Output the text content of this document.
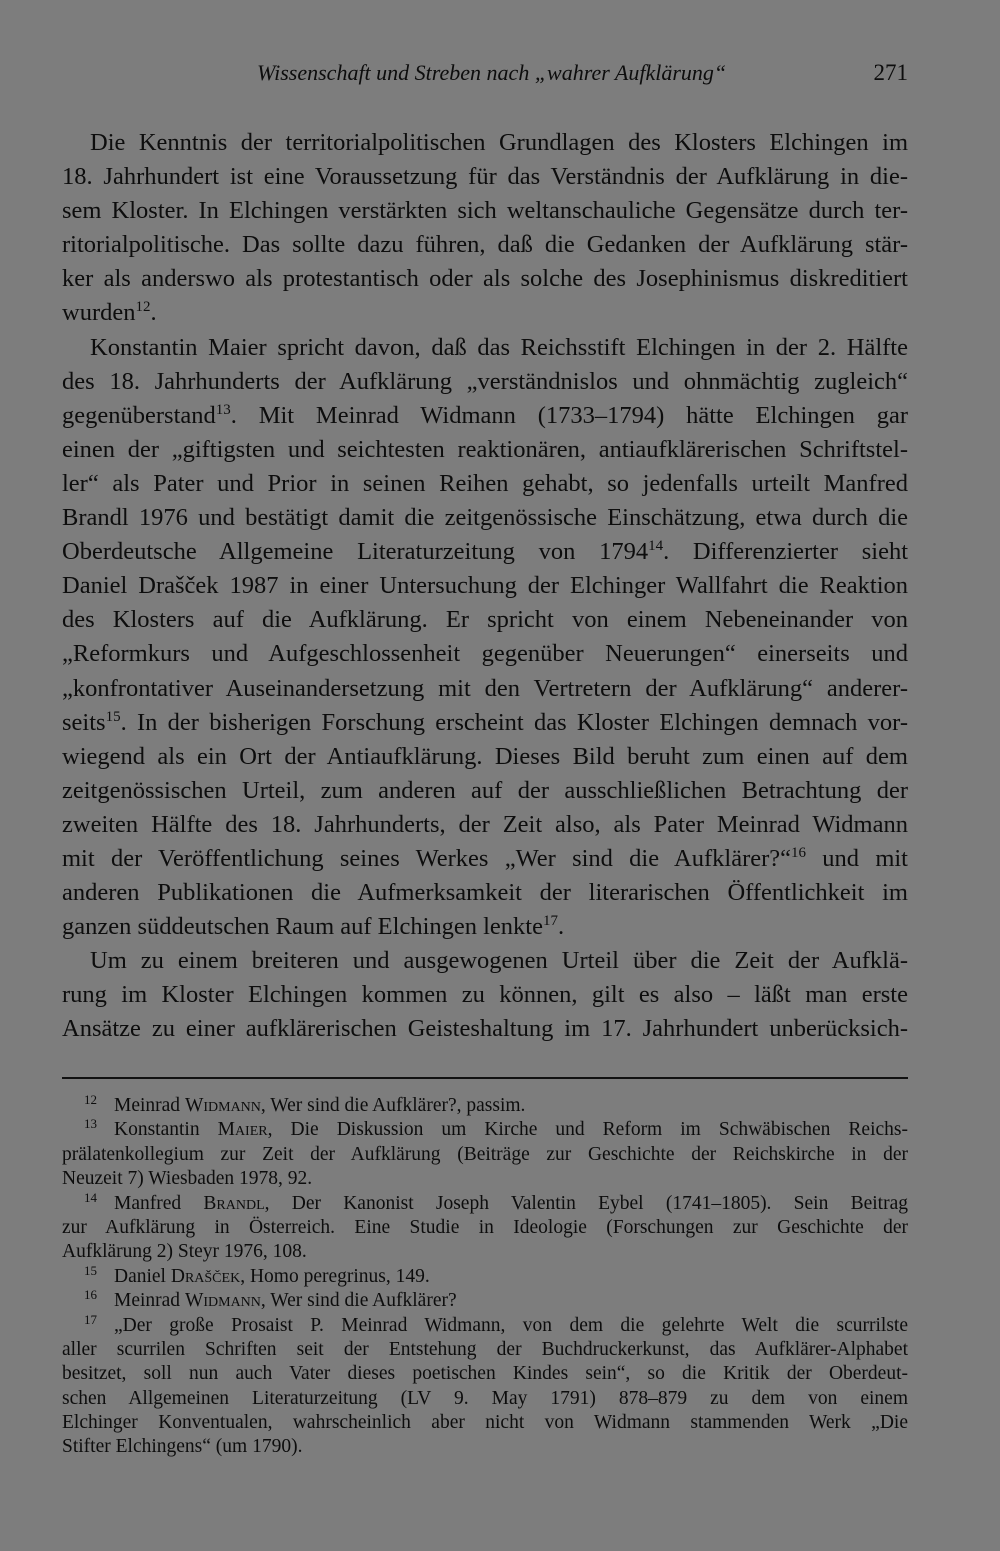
Wissenschaft und Streben nach „wahrer Aufklärung“	271
Die Kenntnis der territorialpolitischen Grundlagen des Klosters Elchingen im
18. Jahrhundert ist eine Voraussetzung für das Verständnis der Aufklärung in die-
sem Kloster. In Elchingen verstärkten sich weltanschauliche Gegensätze durch ter-
ritorialpolitische. Das sollte dazu führen, daß die Gedanken der Aufklärung stär-
ker als anderswo als protestantisch oder als solche des Josephinismus diskreditiert
wurden$^{12}$.
Konstantin Maier spricht davon, daß das Reichsstift Elchingen in der 2. Hälfte
des 18. Jahrhunderts der Aufklärung „verständnislos und ohnmächtig zugleich“
gegenüberstand$^{13}$. Mit Meinrad Widmann (1733–1794) hätte Elchingen gar
einen der „giftigsten und seichtesten reaktionären, antiaufklärerischen Schriftstel-
ler“ als Pater und Prior in seinen Reihen gehabt, so jedenfalls urteilt Manfred
Brandl 1976 und bestätigt damit die zeitgenössische Einschätzung, etwa durch die
Oberdeutsche Allgemeine Literaturzeitung von 1794$^{14}$. Differenzierter sieht
Daniel Drašček 1987 in einer Untersuchung der Elchinger Wallfahrt die Reaktion
des Klosters auf die Aufklärung. Er spricht von einem Nebeneinander von
„Reformkurs und Aufgeschlossenheit gegenüber Neuerungen“ einerseits und
„konfrontativer Auseinandersetzung mit den Vertretern der Aufklärung“ anderer-
seits$^{15}$. In der bisherigen Forschung erscheint das Kloster Elchingen demnach vor-
wiegend als ein Ort der Antiaufklärung. Dieses Bild beruht zum einen auf dem
zeitgenössischen Urteil, zum anderen auf der ausschließlichen Betrachtung der
zweiten Hälfte des 18. Jahrhunderts, der Zeit also, als Pater Meinrad Widmann
mit der Veröffentlichung seines Werkes „Wer sind die Aufklärer?“$^{16}$ und mit
anderen Publikationen die Aufmerksamkeit der literarischen Öffentlichkeit im
ganzen süddeutschen Raum auf Elchingen lenkte$^{17}$.
Um zu einem breiteren und ausgewogenen Urteil über die Zeit der Aufklä-
rung im Kloster Elchingen kommen zu können, gilt es also – läßt man erste
Ansätze zu einer aufklärerischen Geisteshaltung im 17. Jahrhundert unberücksich-
12 Meinrad Widmann, Wer sind die Aufklärer?, passim.
13 Konstantin Maier, Die Diskussion um Kirche und Reform im Schwäbischen Reichs-
prälatenkollegium zur Zeit der Aufklärung (Beiträge zur Geschichte der Reichskirche in der
Neuzeit 7) Wiesbaden 1978, 92.
14 Manfred Brandl, Der Kanonist Joseph Valentin Eybel (1741–1805). Sein Beitrag
zur Aufklärung in Österreich. Eine Studie in Ideologie (Forschungen zur Geschichte der
Aufklärung 2) Steyr 1976, 108.
15 Daniel Drašček, Homo peregrinus, 149.
16 Meinrad Widmann, Wer sind die Aufklärer?
17 „Der große Prosaist P. Meinrad Widmann, von dem die gelehrte Welt die scurrilste
aller scurrilen Schriften seit der Entstehung der Buchdruckerkunst, das Aufklärer-Alphabet
besitzet, soll nun auch Vater dieses poetischen Kindes sein“, so die Kritik der Oberdeut-
schen Allgemeinen Literaturzeitung (LV 9. May 1791) 878–879 zu dem von einem
Elchinger Konventualen, wahrscheinlich aber nicht von Widmann stammenden Werk „Die
Stifter Elchingens“ (um 1790).
